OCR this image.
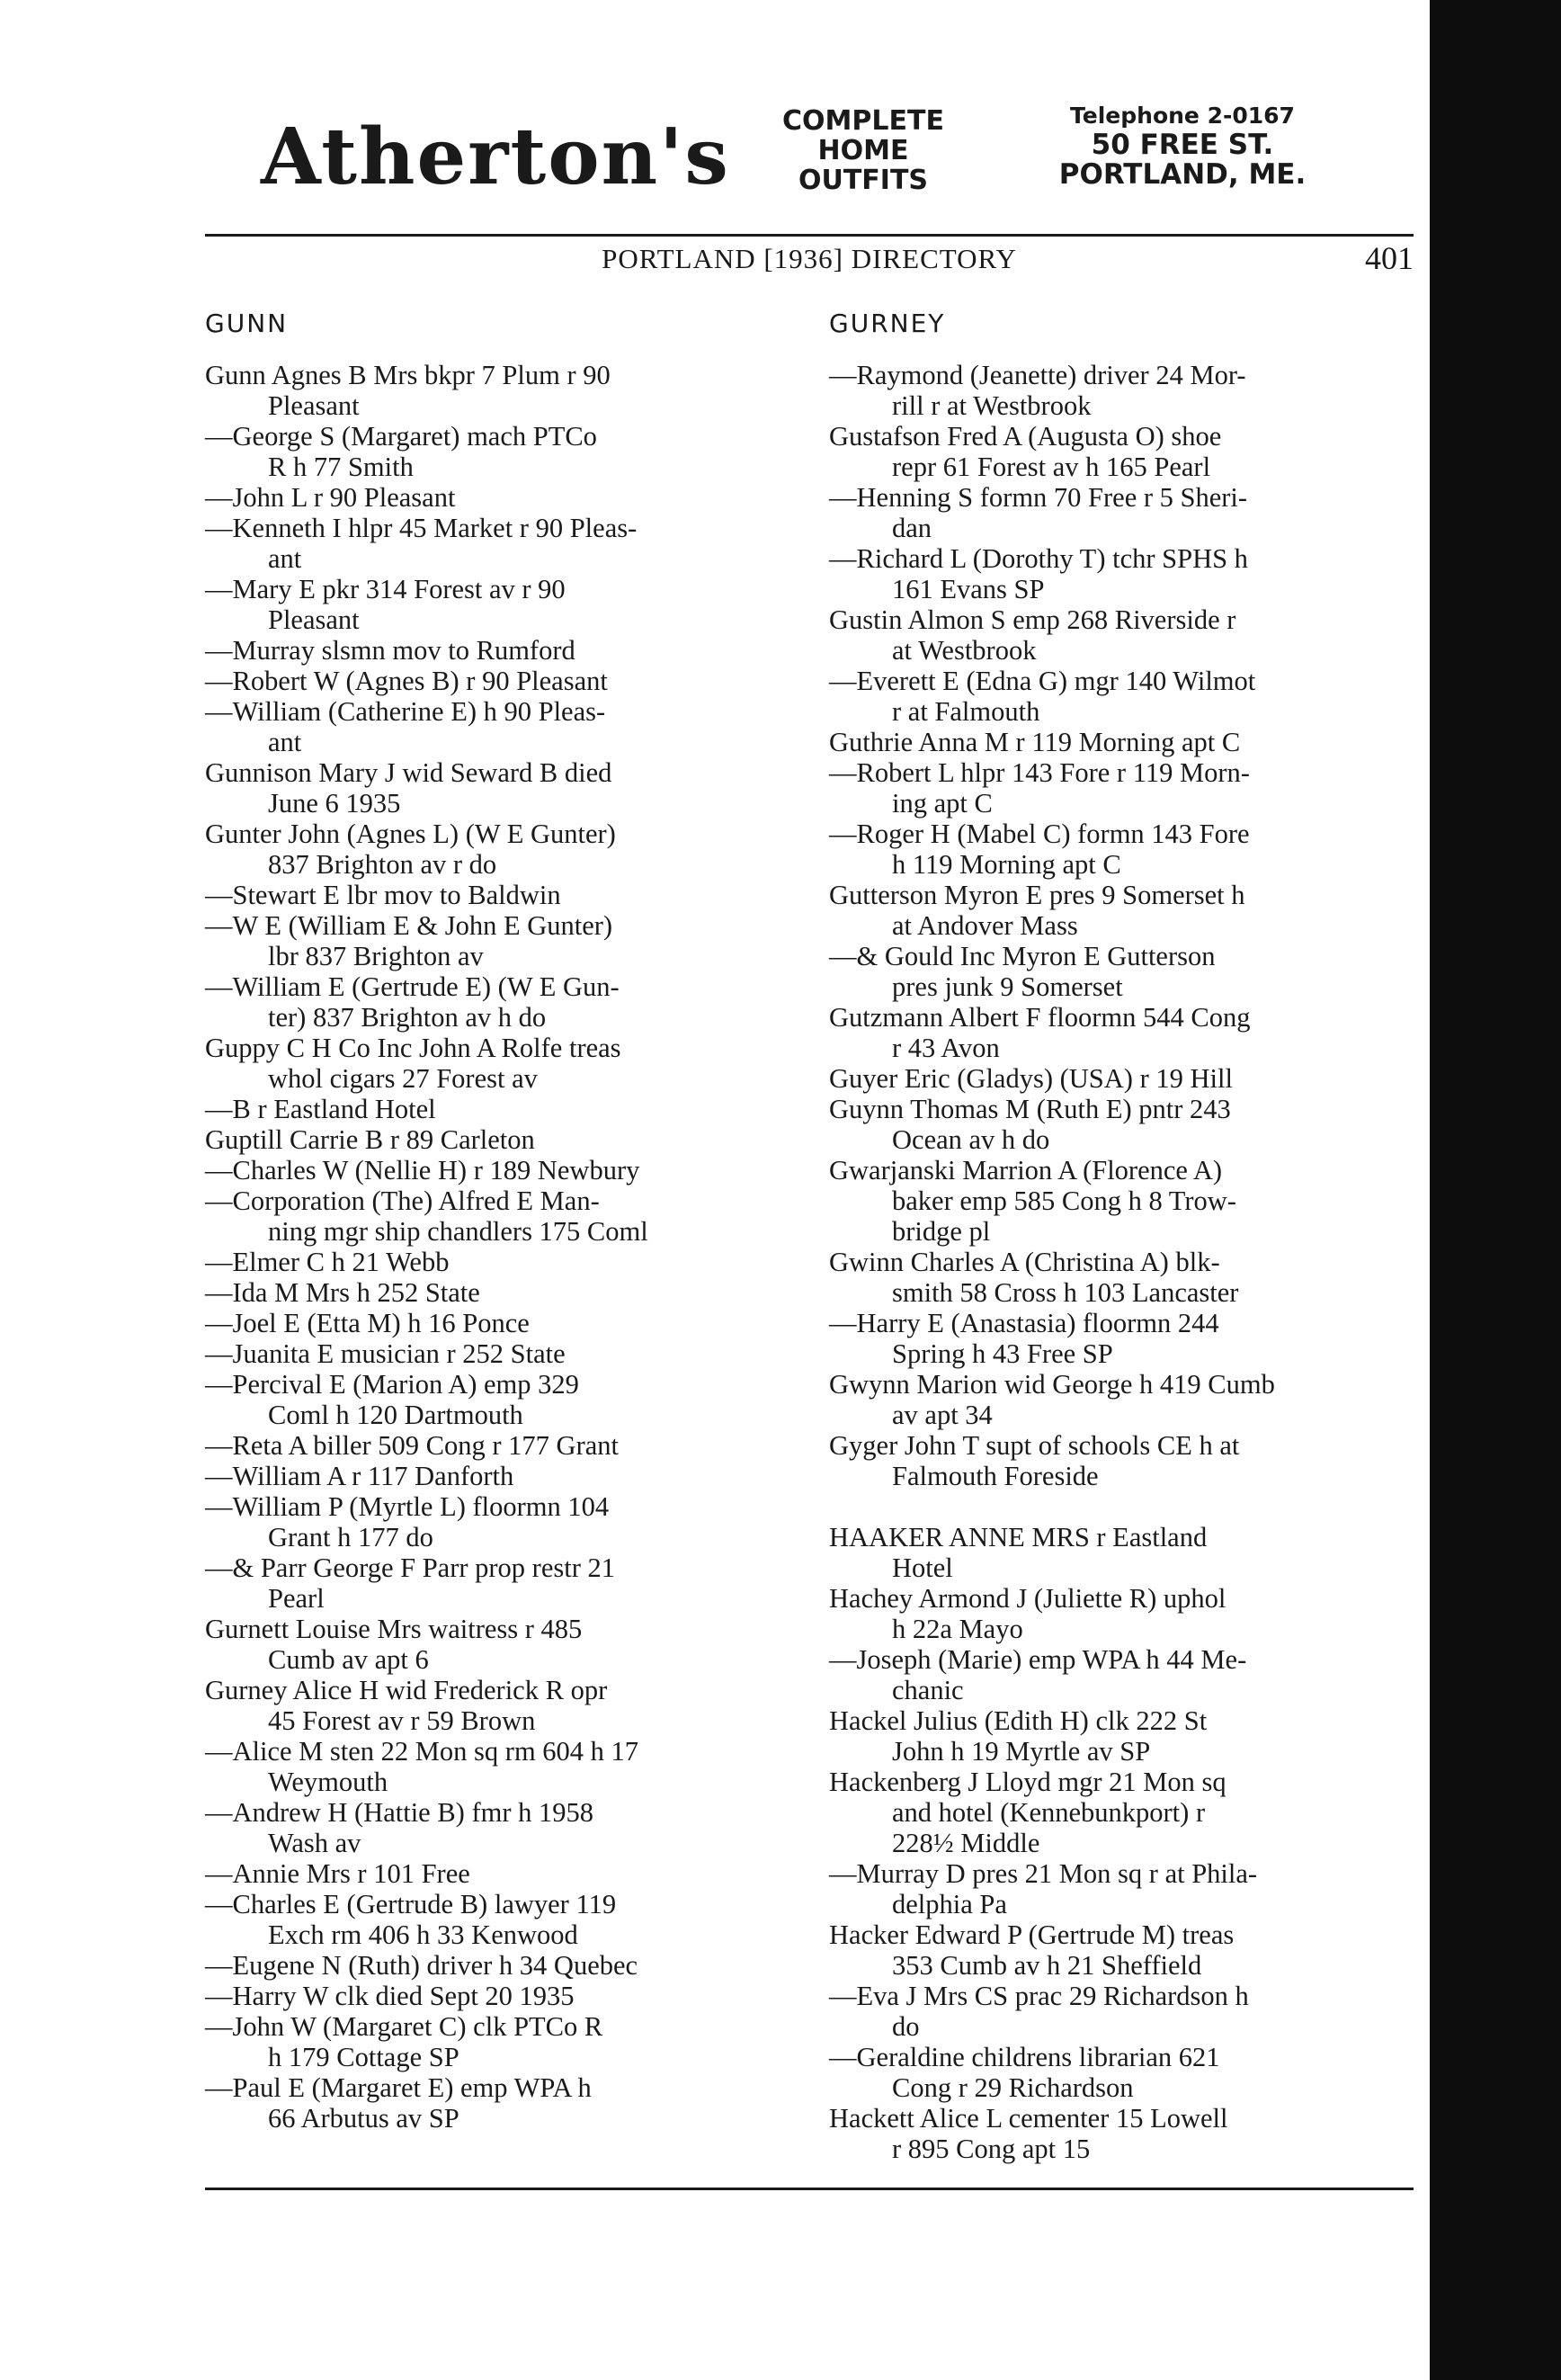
Atherton's	COMPLETE
HOME
OUTFITS
Telephone 2-0167
50 FREE ST.
PORTLAND, ME.
PORTLAND [1936] DIRECTORY	401
GUNN
Gunn Agnes B Mrs bkpr 7 Plum r 90
Pleasant
—George S (Margaret) mach PTCo
R h 77 Smith
—John L r 90 Pleasant
—Kenneth I hlpr 45 Market r 90 Pleas-
ant
—Mary E pkr 314 Forest av r 90
Pleasant
—Murray slsmn mov to Rumford
—Robert W (Agnes B) r 90 Pleasant
—William (Catherine E) h 90 Pleas-
ant
Gunnison Mary J wid Seward B died
June 6 1935
Gunter John (Agnes L) (W E Gunter)
837 Brighton av r do
—Stewart E lbr mov to Baldwin
—W E (William E & John E Gunter)
lbr 837 Brighton av
—William E (Gertrude E) (W E Gun-
ter) 837 Brighton av h do
Guppy C H Co Inc John A Rolfe treas
whol cigars 27 Forest av
—B r Eastland Hotel
Guptill Carrie B r 89 Carleton
—Charles W (Nellie H) r 189 Newbury
—Corporation (The) Alfred E Man-
ning mgr ship chandlers 175 Coml
—Elmer C h 21 Webb
—Ida M Mrs h 252 State
—Joel E (Etta M) h 16 Ponce
—Juanita E musician r 252 State
—Percival E (Marion A) emp 329
Coml h 120 Dartmouth
—Reta A biller 509 Cong r 177 Grant
—William A r 117 Danforth
—William P (Myrtle L) floormn 104
Grant h 177 do
—& Parr George F Parr prop restr 21
Pearl
Gurnett Louise Mrs waitress r 485
Cumb av apt 6
Gurney Alice H wid Frederick R opr
45 Forest av r 59 Brown
—Alice M sten 22 Mon sq rm 604 h 17
Weymouth
—Andrew H (Hattie B) fmr h 1958
Wash av
—Annie Mrs r 101 Free
—Charles E (Gertrude B) lawyer 119
Exch rm 406 h 33 Kenwood
—Eugene N (Ruth) driver h 34 Quebec
—Harry W clk died Sept 20 1935
—John W (Margaret C) clk PTCo R
h 179 Cottage SP
—Paul E (Margaret E) emp WPA h
66 Arbutus av SP
GURNEY
—Raymond (Jeanette) driver 24 Mor-
rill r at Westbrook
Gustafson Fred A (Augusta O) shoe
repr 61 Forest av h 165 Pearl
—Henning S formn 70 Free r 5 Sheri-
dan
—Richard L (Dorothy T) tchr SPHS h
161 Evans SP
Gustin Almon S emp 268 Riverside r
at Westbrook
—Everett E (Edna G) mgr 140 Wilmot
r at Falmouth
Guthrie Anna M r 119 Morning apt C
—Robert L hlpr 143 Fore r 119 Morn-
ing apt C
—Roger H (Mabel C) formn 143 Fore
h 119 Morning apt C
Gutterson Myron E pres 9 Somerset h
at Andover Mass
—& Gould Inc Myron E Gutterson
pres junk 9 Somerset
Gutzmann Albert F floormn 544 Cong
r 43 Avon
Guyer Eric (Gladys) (USA) r 19 Hill
Guynn Thomas M (Ruth E) pntr 243
Ocean av h do
Gwarjanski Marrion A (Florence A)
baker emp 585 Cong h 8 Trow-
bridge pl
Gwinn Charles A (Christina A) blk-
smith 58 Cross h 103 Lancaster
—Harry E (Anastasia) floormn 244
Spring h 43 Free SP
Gwynn Marion wid George h 419 Cumb
av apt 34
Gyger John T supt of schools CE h at
Falmouth Foreside
HAAKER ANNE MRS r Eastland
Hotel
Hachey Armond J (Juliette R) uphol
h 22a Mayo
—Joseph (Marie) emp WPA h 44 Me-
chanic
Hackel Julius (Edith H) clk 222 St
John h 19 Myrtle av SP
Hackenberg J Lloyd mgr 21 Mon sq
and hotel (Kennebunkport) r
228½ Middle
—Murray D pres 21 Mon sq r at Phila-
delphia Pa
Hacker Edward P (Gertrude M) treas
353 Cumb av h 21 Sheffield
—Eva J Mrs CS prac 29 Richardson h
do
—Geraldine childrens librarian 621
Cong r 29 Richardson
Hackett Alice L cementer 15 Lowell
r 895 Cong apt 15
